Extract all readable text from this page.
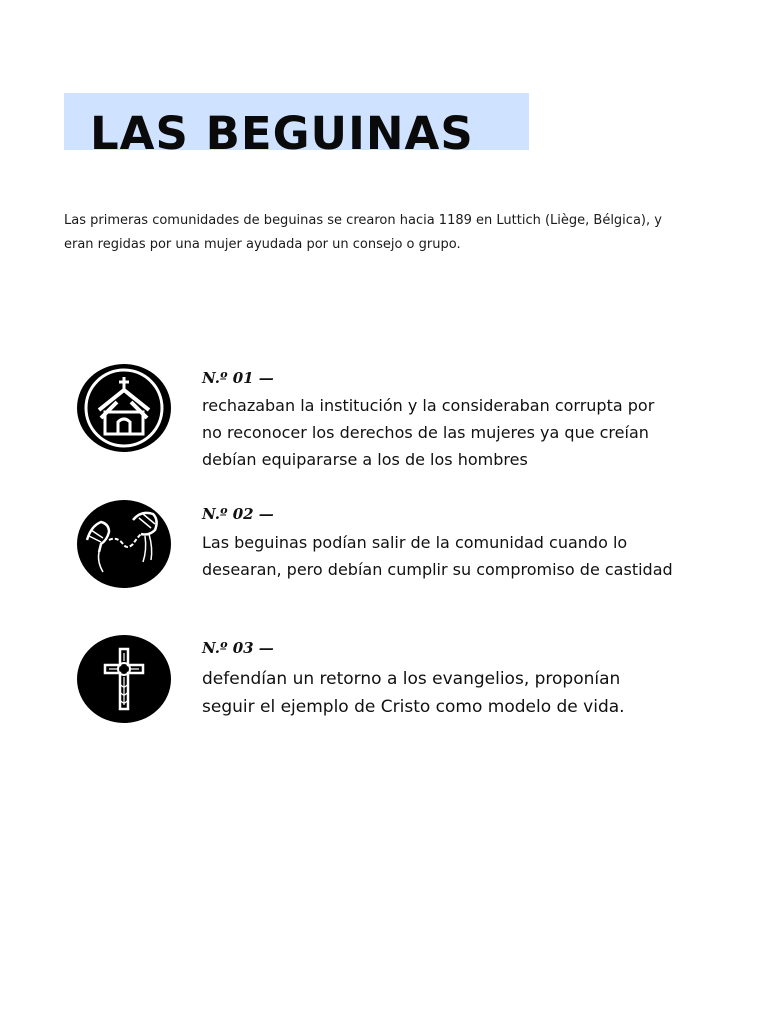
LAS BEGUINAS

Las primeras comunidades de beguinas se crearon hacia 1189 en Luttich (Liège, Bélgica), y
eran regidas por una mujer ayudada por un consejo o grupo.

N.º 01 —

rechazaban la institución y la consideraban corrupta por
no reconocer los derechos de las mujeres ya que creían
debían equipararse a los de los hombres

N.º 02 —

Las beguinas podían salir de la comunidad cuando lo
desearan, pero debían cumplir su compromiso de castidad

N.º 03 —

defendían un retorno a los evangelios, proponían
seguir el ejemplo de Cristo como modelo de vida.
